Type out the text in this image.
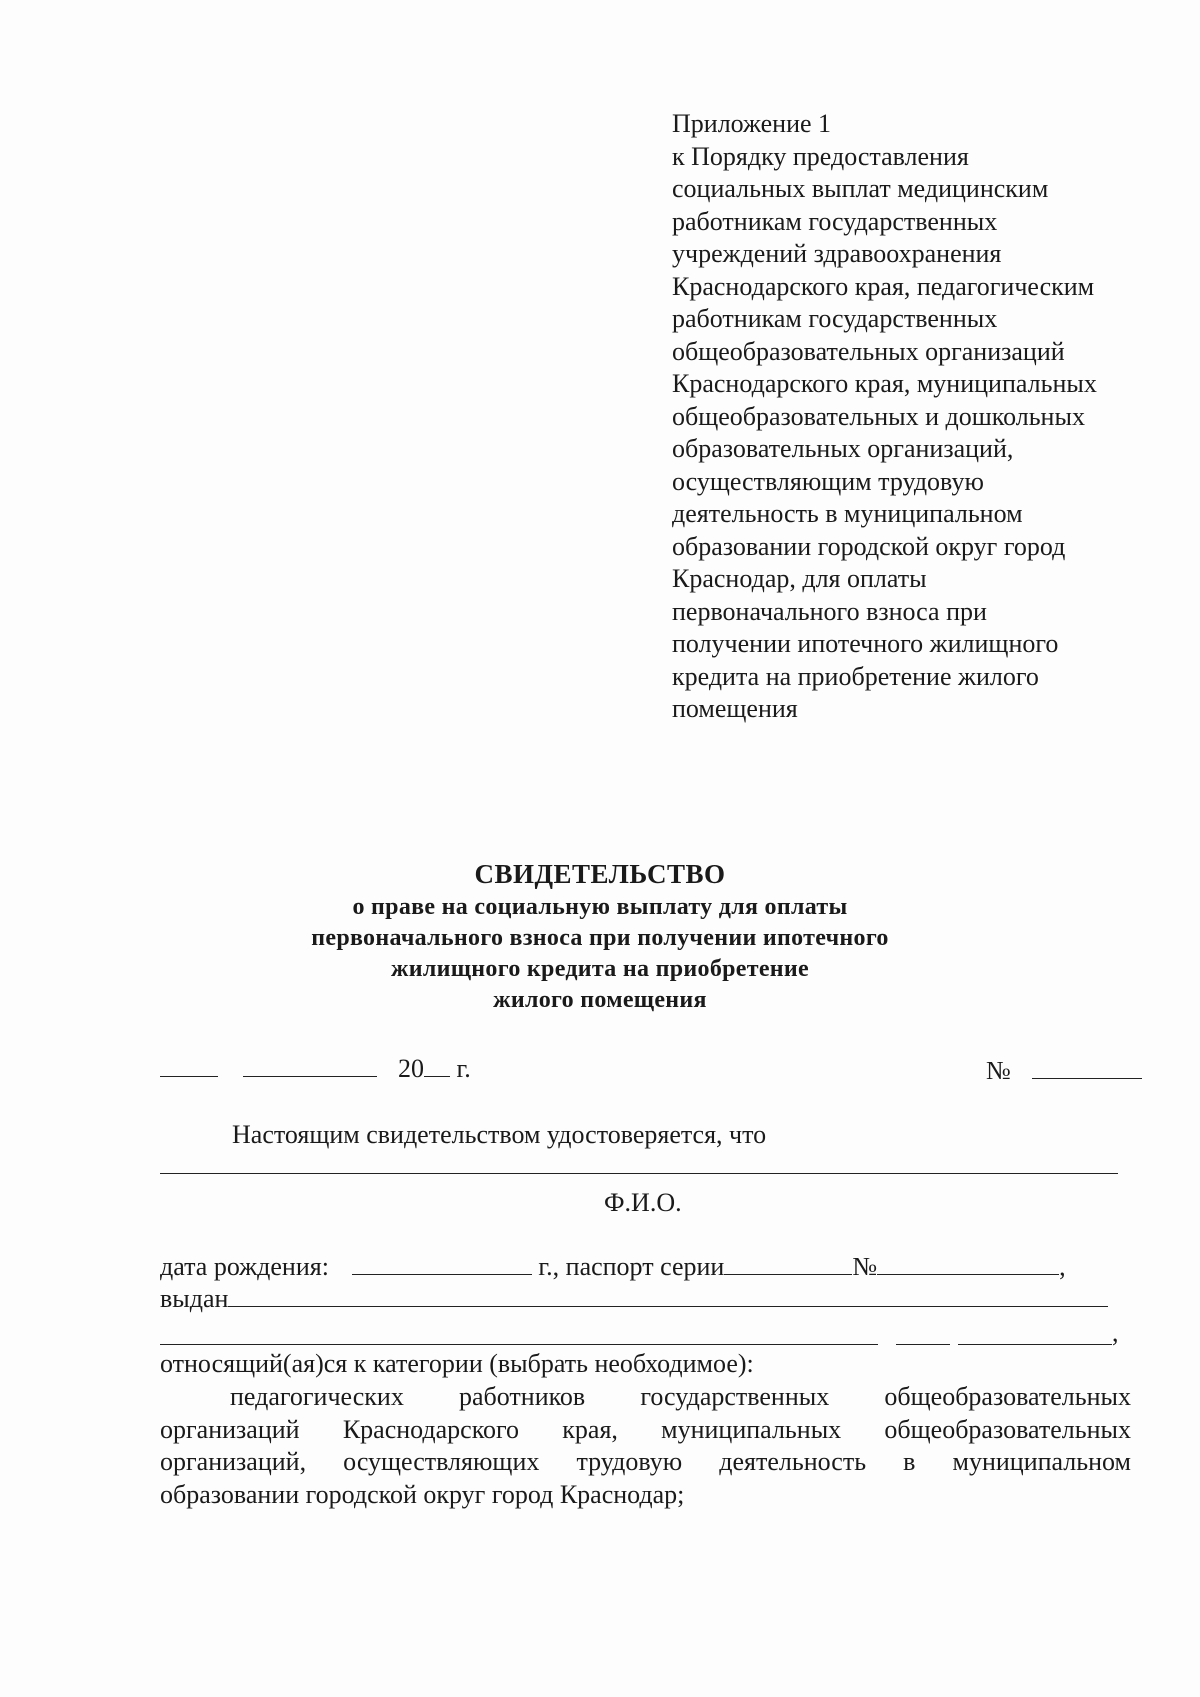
Приложение 1
к Порядку предоставления
социальных выплат медицинским
работникам государственных
учреждений здравоохранения
Краснодарского края, педагогическим
работникам государственных
общеобразовательных организаций
Краснодарского края, муниципальных
общеобразовательных и дошкольных
образовательных организаций,
осуществляющим трудовую
деятельность в муниципальном
образовании городской округ город
Краснодар, для оплаты
первоначального взноса при
получении ипотечного жилищного
кредита на приобретение жилого
помещения
СВИДЕТЕЛЬСТВО
о праве на социальную выплату для оплаты
первоначального взноса при получении ипотечного
жилищного кредита на приобретение
жилого помещения
20 г.	№
Настоящим свидетельством удостоверяется, что
Ф.И.О.
дата рождения:	г., паспорт серии	№	,
выдан
,
относящий(ая)ся к категории (выбрать необходимое):
педагогических работников государственных общеобразовательных
организаций Краснодарского края, муниципальных общеобразовательных
организаций, осуществляющих трудовую деятельность в муниципальном
образовании городской округ город Краснодар;
